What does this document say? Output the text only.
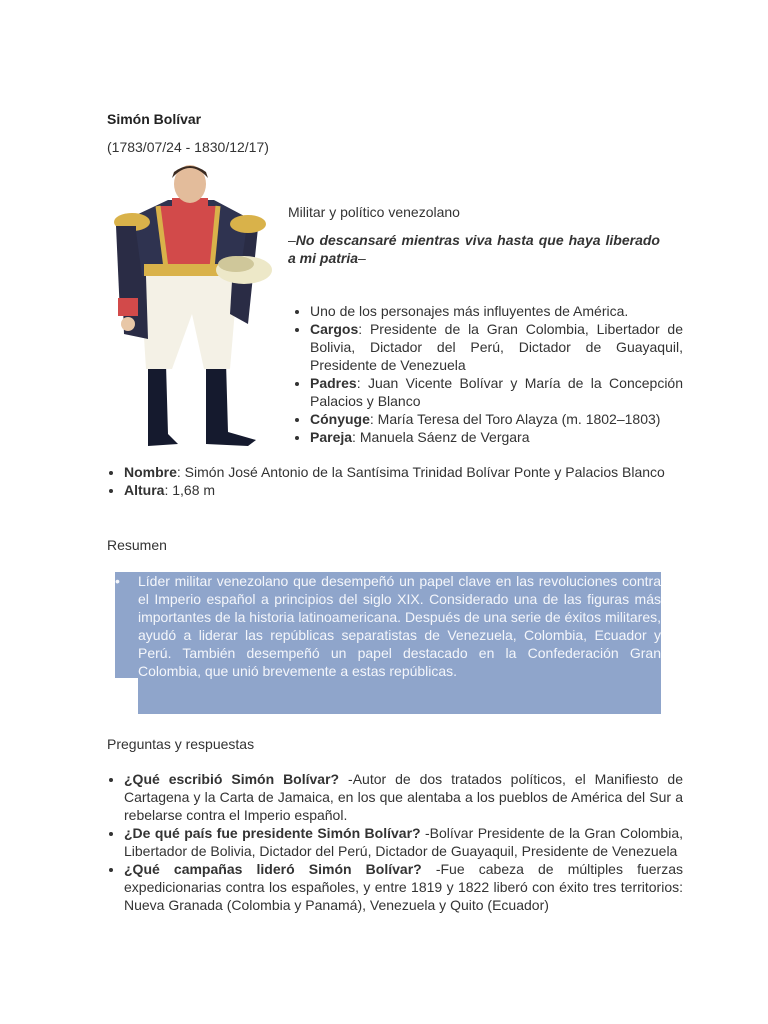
Simón Bolívar
(1783/07/24 - 1830/12/17)
Militar y político venezolano
–No descansaré mientras viva hasta que haya liberado a mi patria–
• Uno de los personajes más influyentes de América.
• Cargos: Presidente de la Gran Colombia, Libertador de Bolivia, Dictador del Perú, Dictador de Guayaquil, Presidente de Venezuela
• Padres: Juan Vicente Bolívar y María de la Concepción Palacios y Blanco
• Cónyuge: María Teresa del Toro Alayza (m. 1802–1803)
• Pareja: Manuela Sáenz de Vergara
• Nombre: Simón José Antonio de la Santísima Trinidad Bolívar Ponte y Palacios Blanco
• Altura: 1,68 m
Resumen
• Líder militar venezolano que desempeñó un papel clave en las revoluciones contra el Imperio español a principios del siglo XIX. Considerado una de las figuras más importantes de la historia latinoamericana. Después de una serie de éxitos militares, ayudó a liderar las repúblicas separatistas de Venezuela, Colombia, Ecuador y Perú. También desempeñó un papel destacado en la Confederación Gran Colombia, que unió brevemente a estas repúblicas.
Preguntas y respuestas
• ¿Qué escribió Simón Bolívar? -Autor de dos tratados políticos, el Manifiesto de Cartagena y la Carta de Jamaica, en los que alentaba a los pueblos de América del Sur a rebelarse contra el Imperio español.
• ¿De qué país fue presidente Simón Bolívar? -Bolívar Presidente de la Gran Colombia, Libertador de Bolivia, Dictador del Perú, Dictador de Guayaquil, Presidente de Venezuela
• ¿Qué campañas lideró Simón Bolívar? -Fue cabeza de múltiples fuerzas expedicionarias contra los españoles, y entre 1819 y 1822 liberó con éxito tres territorios: Nueva Granada (Colombia y Panamá), Venezuela y Quito (Ecuador)
